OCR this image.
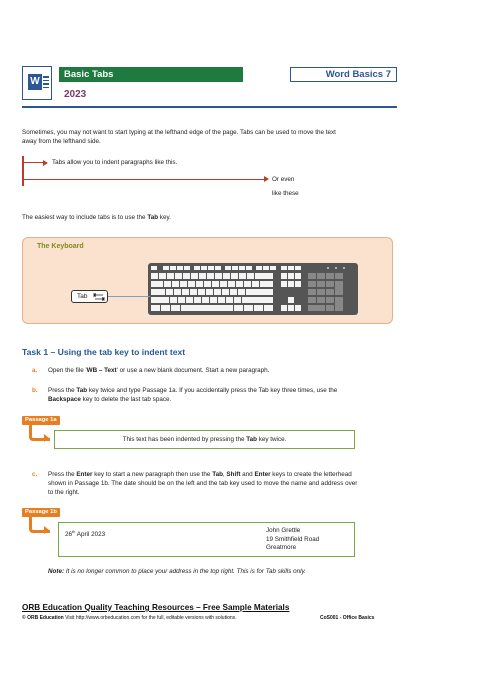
W
Basic Tabs
2023
Word Basics 7
Sometimes, you may not want to start typing at the lefthand edge of the page. Tabs can be used to move the text
away from the lefthand side.
Tabs allow you to indent paragraphs like this.
Or even
like these
The easiest way to include tabs is to use the Tab key.
The Keyboard
Tab
Task 1 – Using the tab key to indent text
a. Open the file 'WB – Text' or use a new blank document. Start a new paragraph.
b. Press the Tab key twice and type Passage 1a. If you accidentally press the Tab key three times, use the
Backspace key to delete the last tab space.
Passage 1a
This text has been indented by pressing the Tab key twice.
c. Press the Enter key to start a new paragraph then use the Tab, Shift and Enter keys to create the letterhead
shown in Passage 1b. The date should be on the left and the tab key used to move the name and address over
to the right.
Passage 1b
26th April 2023
John Grettle
19 Smithfield Road
Greatmore
Note: It is no longer common to place your address in the top right. This is for Tab skills only.
ORB Education Quality Teaching Resources – Free Sample Materials
© ORB Education Visit http://www.orbeducation.com for the full, editable versions with solutions.	CoS001 - Office Basics
